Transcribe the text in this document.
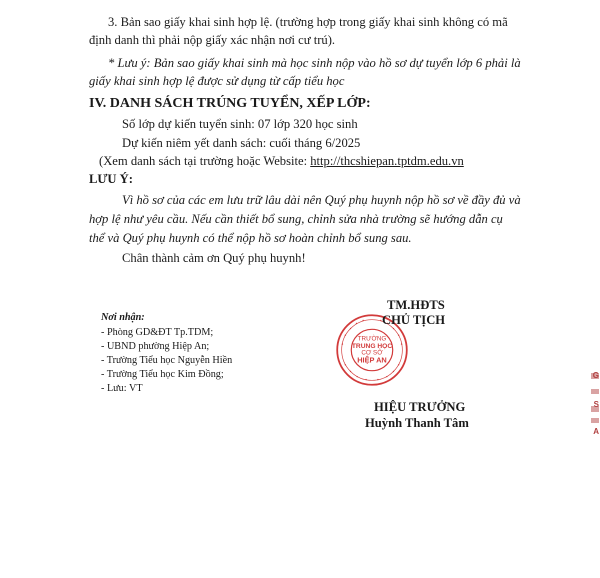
3. Bản sao giấy khai sinh hợp lệ. (trường hợp trong giấy khai sinh không có mã
định danh thì phải nộp giấy xác nhận nơi cư trú).
* Lưu ý: Bản sao giấy khai sinh mà học sinh nộp vào hồ sơ dự tuyển lớp 6 phải là
giấy khai sinh hợp lệ được sử dụng từ cấp tiểu học
IV. DANH SÁCH TRÚNG TUYỂN, XẾP LỚP:
Số lớp dự kiến tuyển sinh: 07 lớp 320 học sinh
Dự kiến niêm yết danh sách: cuối tháng 6/2025
(Xem danh sách tại trường hoặc Website: http://thcshiepan.tptdm.edu.vn
LƯU Ý:
Vì hồ sơ của các em lưu trữ lâu dài nên Quý phụ huynh nộp hồ sơ về đầy đủ và
hợp lệ như yêu cầu. Nếu cần thiết bổ sung, chỉnh sửa nhà trường sẽ hướng dẫn cụ
thể và Quý phụ huynh có thể nộp hồ sơ hoàn chỉnh bổ sung sau.
Chân thành cảm ơn Quý phụ huynh!
Nơi nhận:
- Phòng GD&ĐT Tp.TDM;
- UBND phường Hiệp An;
- Trường Tiểu học Nguyễn Hiền
- Trường Tiểu học Kim Đồng;
- Lưu: VT
TRƯỜNG
TRUNG HỌC
CƠ SỞ
HIỆP AN
TM.HĐTS
CHỦ TỊCH
HIỆU TRƯỞNG
Huỳnh Thanh Tâm
G
S
A
